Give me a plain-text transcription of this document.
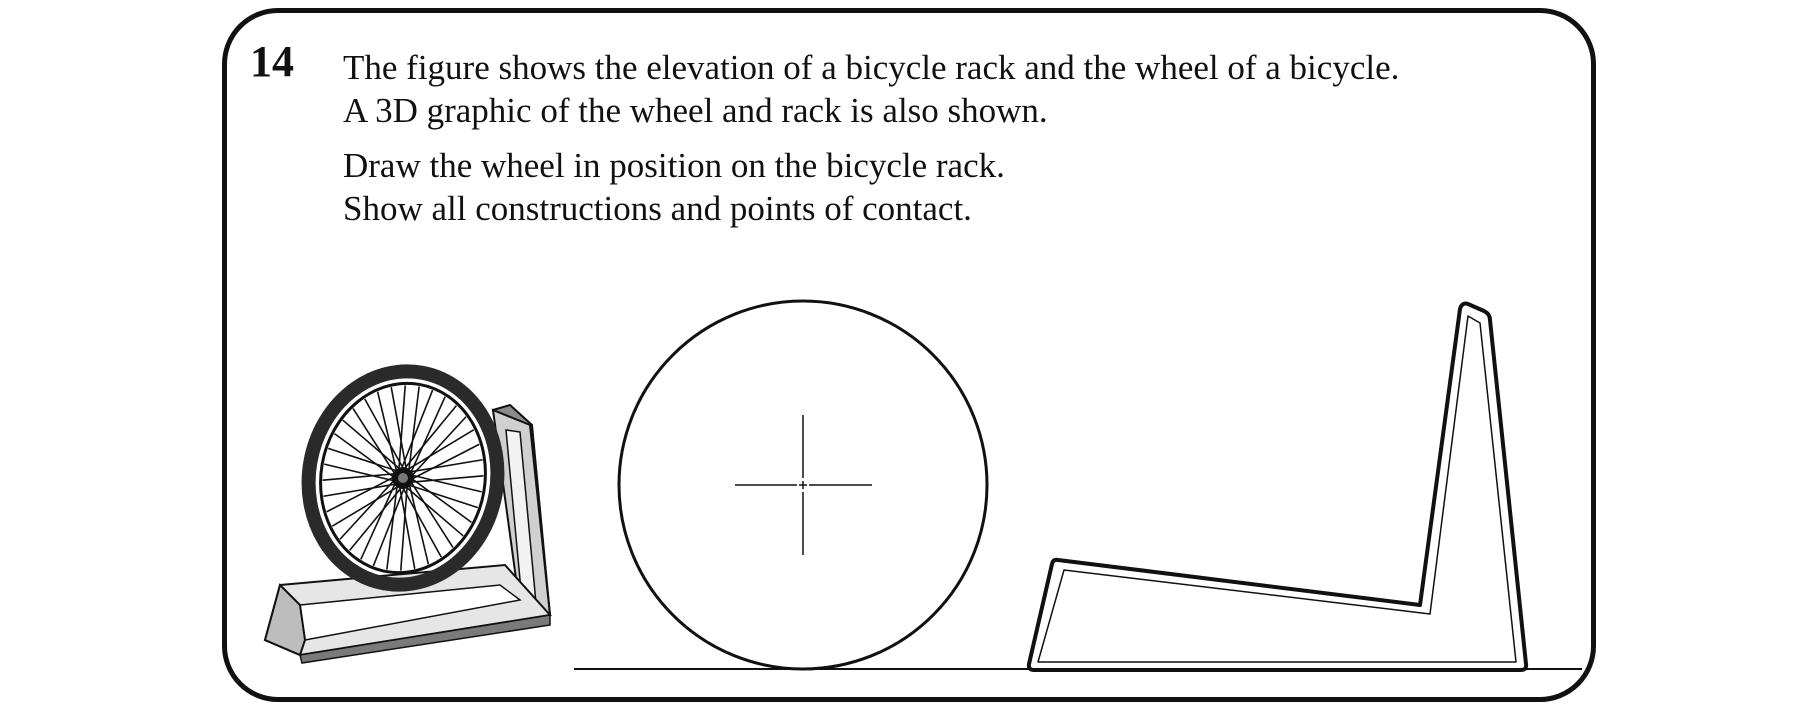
14 The figure shows the elevation of a bicycle rack and the wheel of a bicycle.
A 3D graphic of the wheel and rack is also shown.
Draw the wheel in position on the bicycle rack.
Show all constructions and points of contact.
